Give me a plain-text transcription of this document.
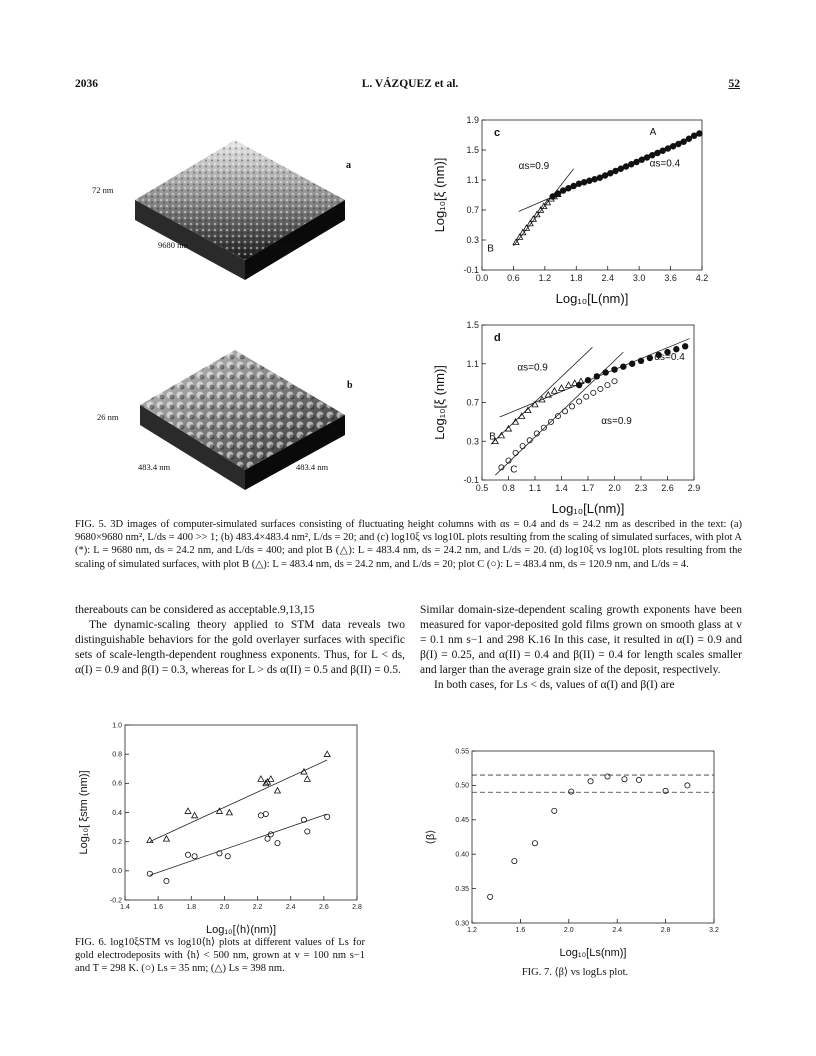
2036	L. VÁZQUEZ et al.	52
72 nm
9680 nm	9680 nm
a
26 nm
483.4 nm	483.4 nm
b
0.0 0.6 1.2 1.8 2.4 3.0 3.6 4.2
-0.1
0.3
0.7
1.1
1.5
1.9
Log₁₀[L(nm)]
Log₁₀[ξ (nm)]
c	A
B
αs=0.9	αs=0.4
0.5 0.8 1.1 1.4 1.7 2.0 2.3 2.6 2.9
-0.1
0.3
0.7
1.1
1.5
Log₁₀[L(nm)]
Log₁₀[ξ (nm)]
d
B
C
αs=0.9
αs=0.9
αs=0.4
FIG. 5. 3D images of computer-simulated surfaces consisting of fluctuating height columns with αs = 0.4 and ds = 24.2 nm as described in the text: (a) 9680×9680 nm², L/ds = 400 >> 1; (b) 483.4×483.4 nm², L/ds = 20; and (c) log10ξ vs log10L plots resulting from the scaling of simulated surfaces, with plot A (*): L = 9680 nm, ds = 24.2 nm, and L/ds = 400; and plot B (△): L = 483.4 nm, ds = 24.2 nm, and L/ds = 20. (d) log10ξ vs log10L plots resulting from the scaling of simulated surfaces, with plot B (△): L = 483.4 nm, ds = 24.2 nm, and L/ds = 20; plot C (○): L = 483.4 nm, ds = 120.9 nm, and L/ds = 4.

thereabouts can be considered as acceptable.9,13,15

The dynamic-scaling theory applied to STM data reveals two distinguishable behaviors for the gold overlayer surfaces with specific sets of scale-length-dependent roughness exponents. Thus, for L < ds, α(I) = 0.9 and β(I) = 0.3, whereas for L > ds α(II) = 0.5 and β(II) = 0.5.

Similar domain-size-dependent scaling growth exponents have been measured for vapor-deposited gold films grown on smooth glass at v = 0.1 nm s−1 and 298 K.16 In this case, it resulted in α(I) = 0.9 and β(I) = 0.25, and α(II) = 0.4 and β(II) = 0.4 for length scales smaller and larger than the average grain size of the deposit, respectively.

In both cases, for Ls < ds, values of α(I) and β(I) are

1.4	1.6	1.8	2.0	2.2	2.4	2.6	2.8
-0.2
0.0
0.2
0.4
0.6
0.8
1.0
Log₁₀[⟨h⟩(nm)]
Log₁₀[ ξstm (nm)]
FIG. 6. log10ξSTM vs log10⟨h⟩ plots at different values of Ls for gold electrodeposits with ⟨h⟩ < 500 nm, grown at v = 100 nm s−1 and T = 298 K. (○) Ls = 35 nm; (△) Ls = 398 nm.
1.2	1.6	2.0	2.4	2.8	3.2
0.30
0.35
0.40
0.45
0.50
0.55
Log₁₀[Ls(nm)]
⟨β⟩
FIG. 7. ⟨β⟩ vs logLs plot.
